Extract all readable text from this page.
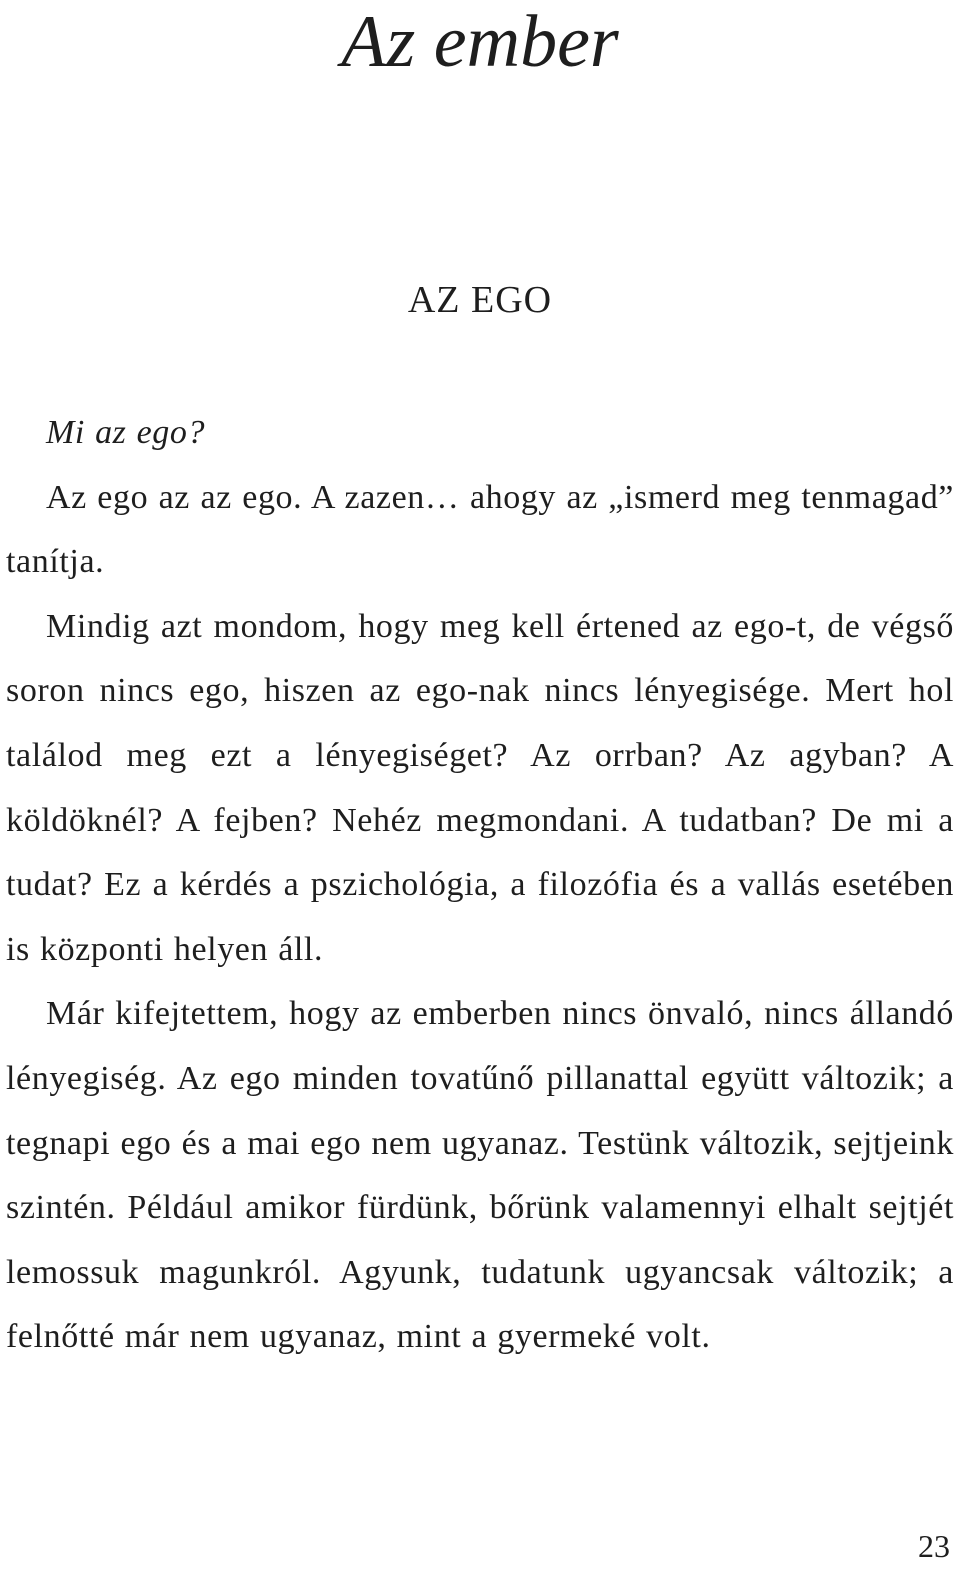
Az ember
AZ EGO

Mi az ego?

Az ego az az ego. A zazen… ahogy az „ismerd meg tenmagad” tanítja.

Mindig azt mondom, hogy meg kell értened az ego-t, de végső soron nincs ego, hiszen az ego-nak nincs lényegisége. Mert hol találod meg ezt a lényegiséget? Az orrban? Az agyban? A köldöknél? A fejben? Nehéz megmondani. A tudatban? De mi a tudat? Ez a kérdés a pszichológia, a filozófia és a vallás esetében is központi helyen áll.

Már kifejtettem, hogy az emberben nincs önvaló, nincs állandó lényegiség. Az ego minden tovatűnő pillanattal együtt változik; a tegnapi ego és a mai ego nem ugyanaz. Testünk változik, sejtjeink szintén. Például amikor fürdünk, bőrünk valamennyi elhalt sejtjét lemossuk magunkról. Agyunk, tudatunk ugyancsak változik; a felnőtté már nem ugyanaz, mint a gyermeké volt.

23
